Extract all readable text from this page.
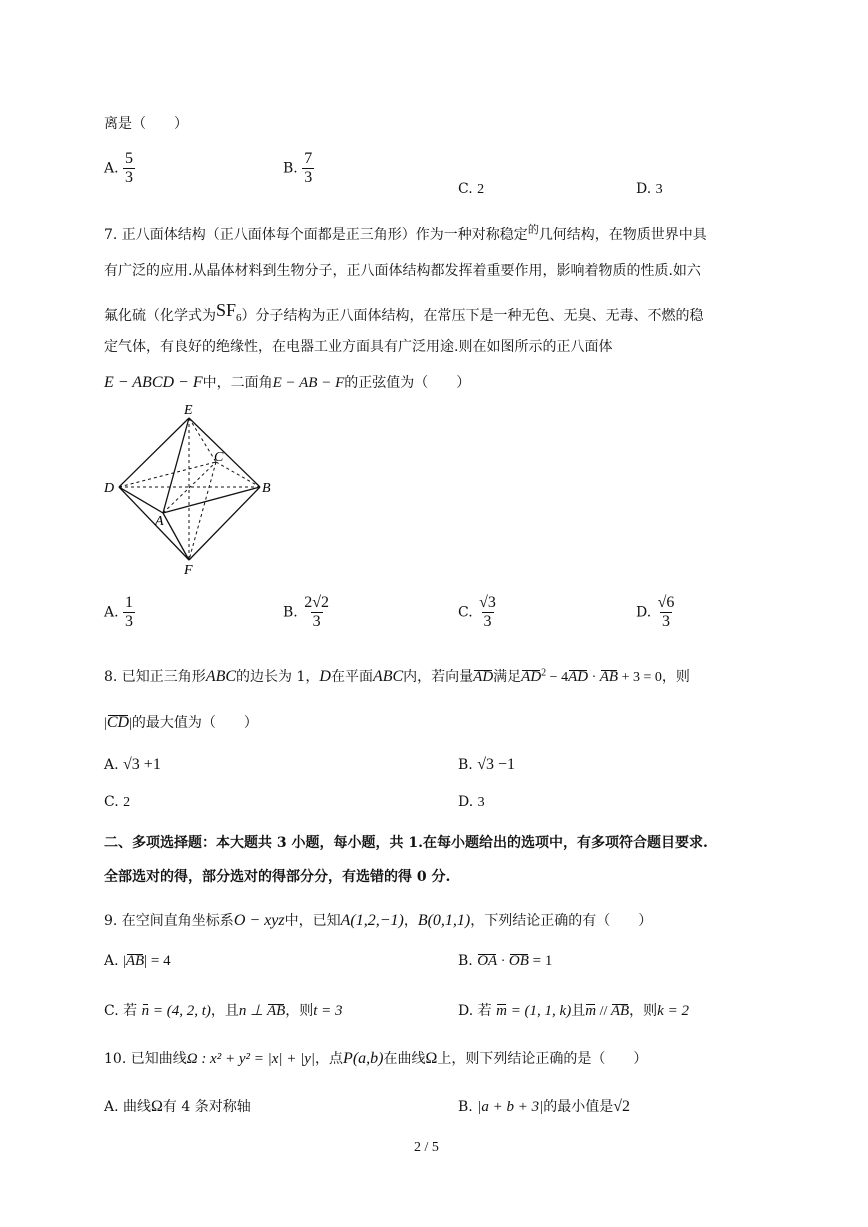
离是（　　）
A. $\frac{5}{3}$	B. $\frac{7}{3}$
C. 2	D. 3
7. 正八面体结构（正八面体每个面都是正三角形）作为一种对称稳定$^的$几何结构，在物质世界中具
有广泛的应用.从晶体材料到生物分子，正八面体结构都发挥着重要作用，影响着物质的性质.如六
氟化硫（化学式为SF6）分子结构为正八面体结构，在常压下是一种无色、无臭、无毒、不燃的稳
定气体，有良好的绝缘性，在电器工业方面具有广泛用途.则在如图所示的正八面体
E − ABCD − F中，二面角E − AB − F的正弦值为（　　）
E
C
D	B
A
F
A. $\frac{1}{3}$	B. $\frac{2√2}{3}$	C. $\frac{√3}{3}$	D. $\frac{√6}{3}$
8. 已知正三角形ABC的边长为 1，D在平面ABC内，若向量AD满足$AD^2 - 4AD$ · AB + 3 = 0，则
|CD|的最大值为（　　）
A. √3 +1	B. √3 −1
C. 2	D. 3
二、多项选择题：本大题共 3 小题，每小题，共 1.在每小题给出的选项中，有多项符合题目要求.
全部选对的得，部分选对的得部分分，有选错的得 0 分.
9. 在空间直角坐标系O − xyz中，已知A(1,2,−1)，B(0,1,1)，下列结论正确的有（　　）
A. |AB| = 4	B. OA · OB = 1
C. 若 n = (4, 2, t)，且n ⊥ AB，则t = 3	D. 若 m = (1, 1, k)且m // AB，则k = 2
10. 已知曲线Ω : x² + y² = |x| + |y|，点P(a,b)在曲线Ω上，则下列结论正确的是（　　）
A. 曲线Ω有 4 条对称轴	B. |a + b + 3|的最小值是√2
2 / 5
